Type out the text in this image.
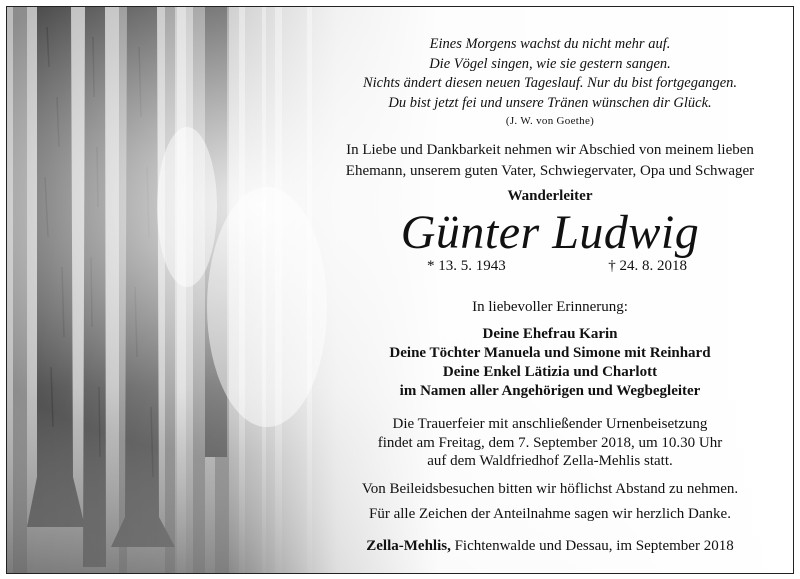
Eines Morgens wachst du nicht mehr auf.
Die Vögel singen, wie sie gestern sangen.
Nichts ändert diesen neuen Tageslauf. Nur du bist fortgegangen.
Du bist jetzt fei und unsere Tränen wünschen dir Glück.
(J. W. von Goethe)
In Liebe und Dankbarkeit nehmen wir Abschied von meinem lieben
Ehemann, unserem guten Vater, Schwiegervater, Opa und Schwager
Wanderleiter
Günter Ludwig
* 13. 5. 1943	† 24. 8. 2018
In liebevoller Erinnerung:
Deine Ehefrau Karin
Deine Töchter Manuela und Simone mit Reinhard
Deine Enkel Lätizia und Charlott
im Namen aller Angehörigen und Wegbegleiter
Die Trauerfeier mit anschließender Urnenbeisetzung
findet am Freitag, dem 7. September 2018, um 10.30 Uhr
auf dem Waldfriedhof Zella-Mehlis statt.
Von Beileidsbesuchen bitten wir höflichst Abstand zu nehmen.
Für alle Zeichen der Anteilnahme sagen wir herzlich Danke.
Zella-Mehlis, Fichtenwalde und Dessau, im September 2018
